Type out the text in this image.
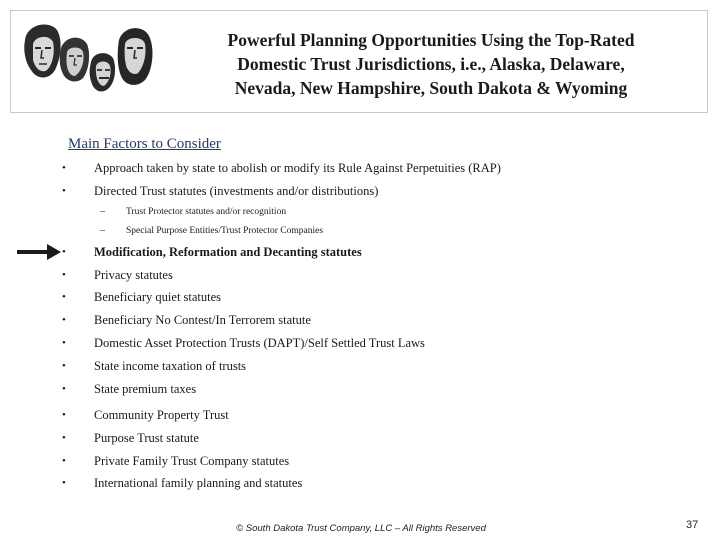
Powerful Planning Opportunities Using the Top-Rated
Domestic Trust Jurisdictions, i.e., Alaska, Delaware,
Nevada, New Hampshire, South Dakota & Wyoming
Main Factors to Consider
• Approach taken by state to abolish or modify its Rule Against Perpetuities (RAP)
• Directed Trust statutes (investments and/or distributions)
– Trust Protector statutes and/or recognition
– Special Purpose Entities/Trust Protector Companies
• Modification, Reformation and Decanting statutes
• Privacy statutes
• Beneficiary quiet statutes
• Beneficiary No Contest/In Terrorem statute
• Domestic Asset Protection Trusts (DAPT)/Self Settled Trust Laws
• State income taxation of trusts
• State premium taxes
• Community Property Trust
• Purpose Trust statute
• Private Family Trust Company statutes
• International family planning and statutes
© South Dakota Trust Company, LLC – All Rights Reserved	37
